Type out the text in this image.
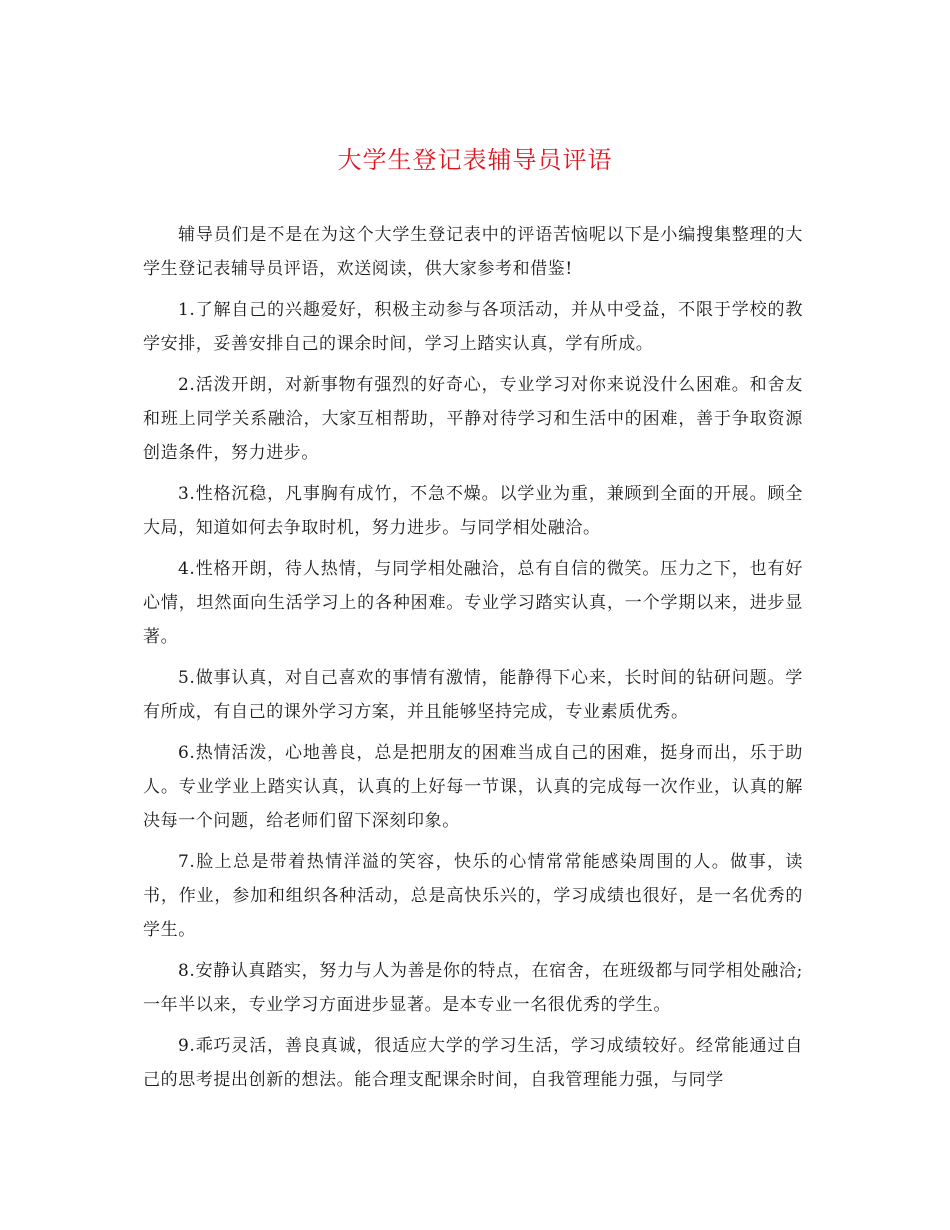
大学生登记表辅导员评语

辅导员们是不是在为这个大学生登记表中的评语苦恼呢以下是小编搜集整理的大学生登记表辅导员评语，欢送阅读，供大家参考和借鉴!

1.了解自己的兴趣爱好，积极主动参与各项活动，并从中受益，不限于学校的教学安排，妥善安排自己的课余时间，学习上踏实认真，学有所成。

2.活泼开朗，对新事物有强烈的好奇心，专业学习对你来说没什么困难。和舍友和班上同学关系融洽，大家互相帮助，平静对待学习和生活中的困难，善于争取资源创造条件，努力进步。

3.性格沉稳，凡事胸有成竹，不急不燥。以学业为重，兼顾到全面的开展。顾全大局，知道如何去争取时机，努力进步。与同学相处融洽。

4.性格开朗，待人热情，与同学相处融洽，总有自信的微笑。压力之下，也有好心情，坦然面向生活学习上的各种困难。专业学习踏实认真，一个学期以来，进步显著。

5.做事认真，对自己喜欢的事情有激情，能静得下心来，长时间的钻研问题。学有所成，有自己的课外学习方案，并且能够坚持完成，专业素质优秀。

6.热情活泼，心地善良，总是把朋友的困难当成自己的困难，挺身而出，乐于助人。专业学业上踏实认真，认真的上好每一节课，认真的完成每一次作业，认真的解决每一个问题，给老师们留下深刻印象。

7.脸上总是带着热情洋溢的笑容，快乐的心情常常能感染周围的人。做事，读书，作业，参加和组织各种活动，总是高快乐兴的，学习成绩也很好，是一名优秀的学生。

8.安静认真踏实，努力与人为善是你的特点，在宿舍，在班级都与同学相处融洽;一年半以来，专业学习方面进步显著。是本专业一名很优秀的学生。

9.乖巧灵活，善良真诚，很适应大学的学习生活，学习成绩较好。经常能通过自己的思考提出创新的想法。能合理支配课余时间，自我管理能力强，与同学
